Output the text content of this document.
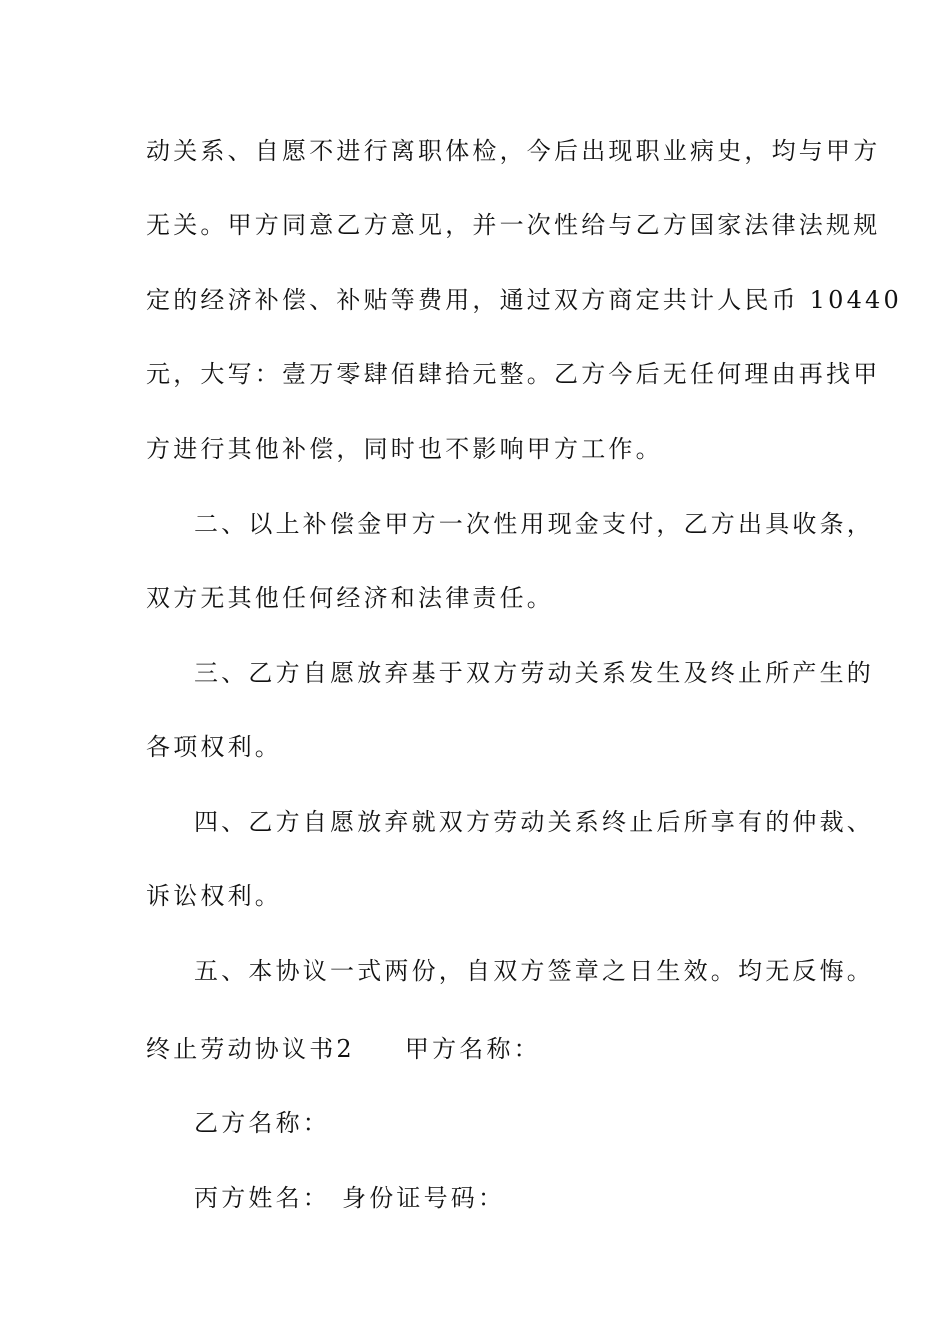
动关系、自愿不进行离职体检，今后出现职业病史，均与甲方

无关。甲方同意乙方意见，并一次性给与乙方国家法律法规规

定的经济补偿、补贴等费用，通过双方商定共计人民币 10440

元，大写：壹万零肆佰肆拾元整。乙方今后无任何理由再找甲

方进行其他补偿，同时也不影响甲方工作。

二、以上补偿金甲方一次性用现金支付，乙方出具收条，

双方无其他任何经济和法律责任。

三、乙方自愿放弃基于双方劳动关系发生及终止所产生的

各项权利。

四、乙方自愿放弃就双方劳动关系终止后所享有的仲裁、

诉讼权利。

五、本协议一式两份，自双方签章之日生效。均无反悔。

终止劳动协议书2 甲方名称：

乙方名称：

丙方姓名： 身份证号码：
